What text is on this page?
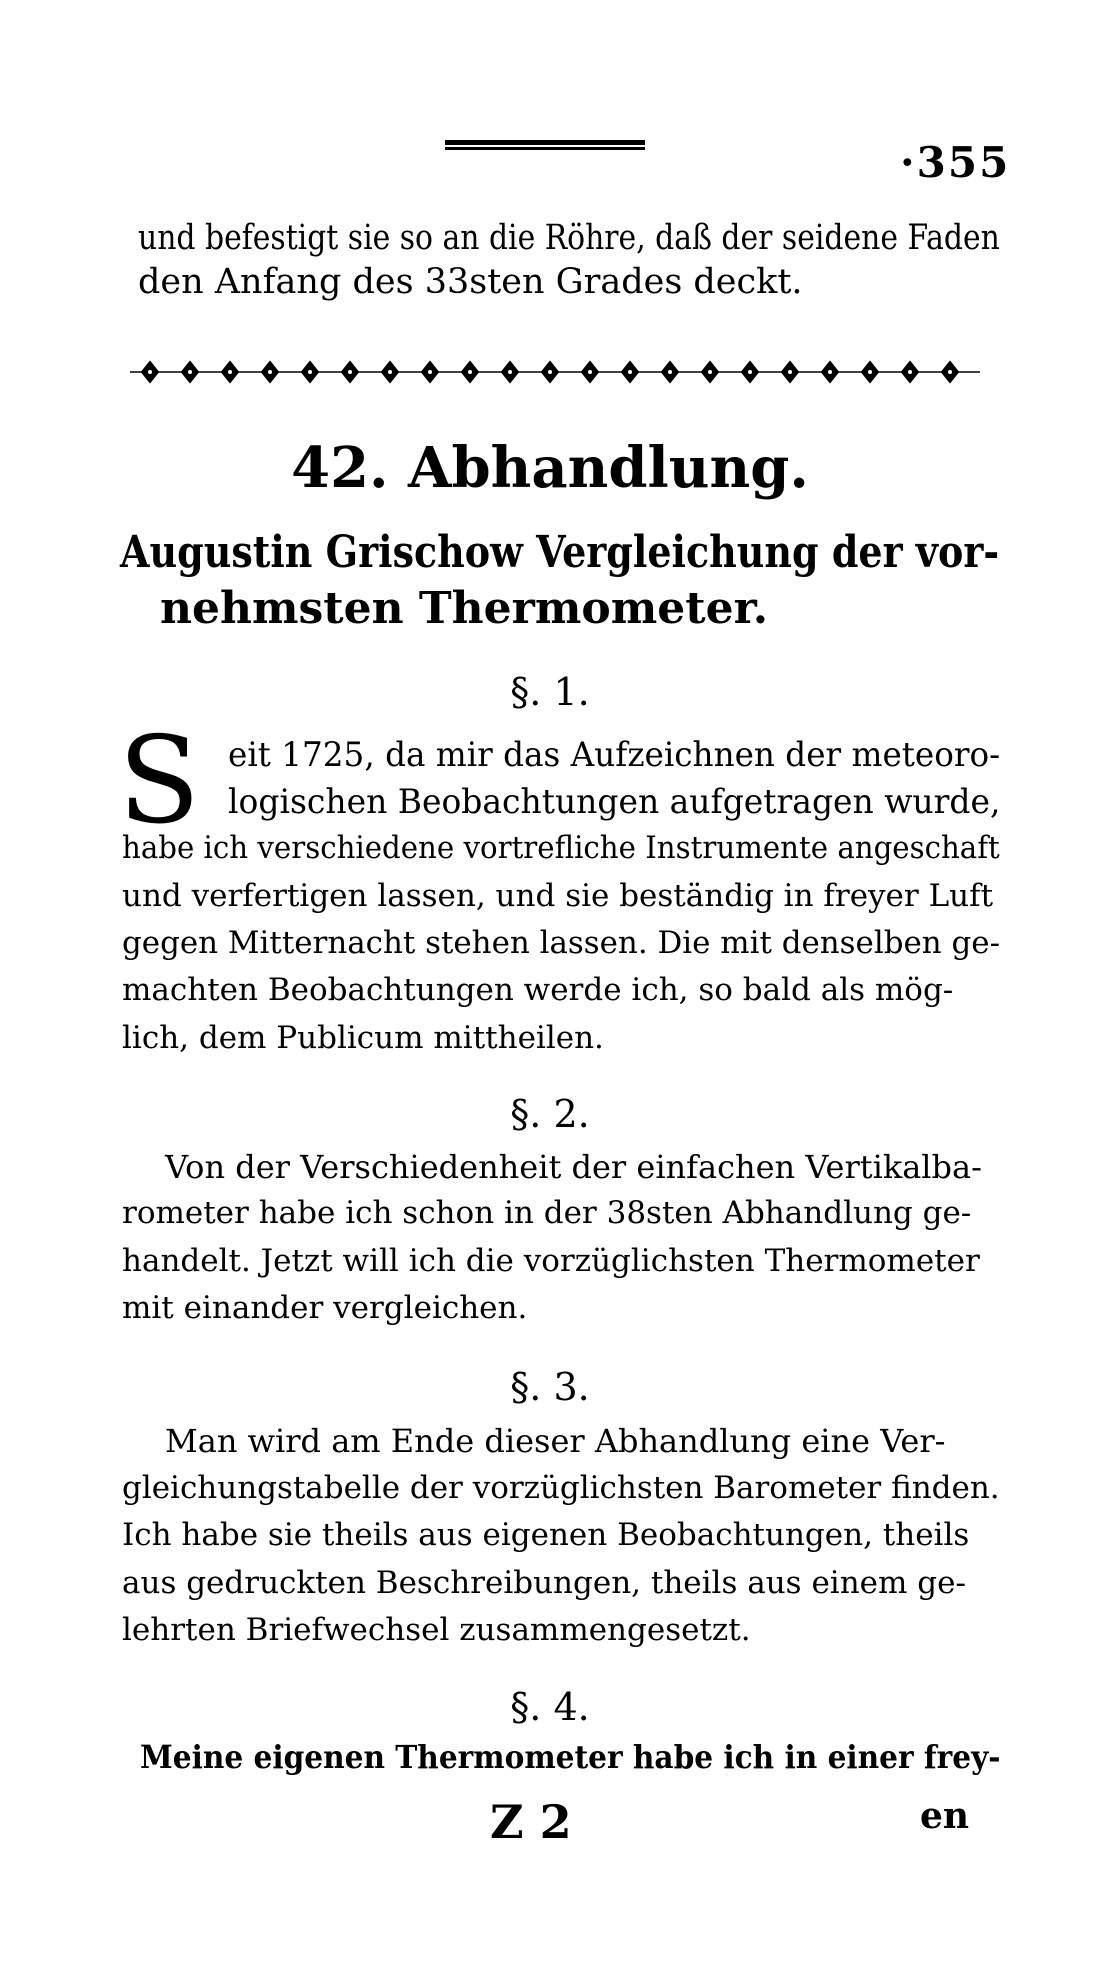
·355
und befestigt sie so an die Röhre, daß der seidene Faden
den Anfang des 33sten Grades deckt.
42. Abhandlung.
Augustin Grischow Vergleichung der vor-
nehmsten Thermometer.
§. 1.
S eit 1725, da mir das Aufzeichnen der meteoro-
logischen Beobachtungen aufgetragen wurde,
habe ich verschiedene vortrefliche Instrumente angeschaft
und verfertigen lassen, und sie beständig in freyer Luft
gegen Mitternacht stehen lassen. Die mit denselben ge-
machten Beobachtungen werde ich, so bald als mög-
lich, dem Publicum mittheilen.
§. 2.
Von der Verschiedenheit der einfachen Vertikalba-
rometer habe ich schon in der 38sten Abhandlung ge-
handelt. Jetzt will ich die vorzüglichsten Thermometer
mit einander vergleichen.
§. 3.
Man wird am Ende dieser Abhandlung eine Ver-
gleichungstabelle der vorzüglichsten Barometer finden.
Ich habe sie theils aus eigenen Beobachtungen, theils
aus gedruckten Beschreibungen, theils aus einem ge-
lehrten Briefwechsel zusammengesetzt.
§. 4.
Meine eigenen Thermometer habe ich in einer frey-
Z 2	en
